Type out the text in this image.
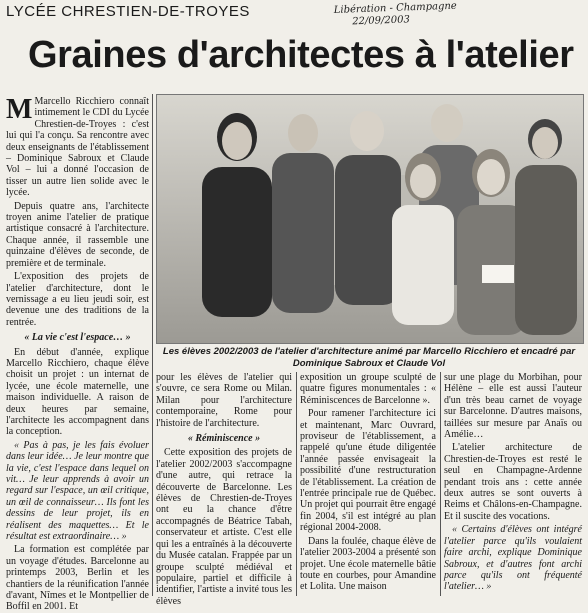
LYCÉE CHRESTIEN-DE-TROYES	Libération - Champagne
22/09/2003
Graines d'architectes à l'atelier

M Marcello Ricchiero connaît intimement le CDI du Lycée Chrestien-de-Troyes : c'est lui qui l'a conçu. Sa rencontre avec deux enseignants de l'établissement – Dominique Sabroux et Claude Vol – lui a donné l'occasion de tisser un autre lien solide avec le lycée.

Depuis quatre ans, l'architecte troyen anime l'atelier de pratique artistique consacré à l'architecture. Chaque année, il rassemble une quinzaine d'élèves de seconde, de première et de terminale.

L'exposition des projets de l'atelier d'architecture, dont le vernissage a eu lieu jeudi soir, est devenue une des traditions de la rentrée.

« La vie c'est l'espace… »

En début d'année, explique Marcello Ricchiero, chaque élève choisit un projet : un internat de lycée, une école maternelle, une maison individuelle. A raison de deux heures par semaine, l'architecte les accompagnent dans la conception.

« Pas à pas, je les fais évoluer dans leur idée… Je leur montre que la vie, c'est l'espace dans lequel on vit… Je leur apprends à avoir un regard sur l'espace, un œil critique, un œil de connaisseur… Ils font les dessins de leur projet, ils en réalisent des maquettes… Et le résultat est extraordinaire… »

La formation est complétée par un voyage d'études. Barcelonne au printemps 2003, Berlin et les chantiers de la réunification l'année d'avant, Nîmes et le Montpellier de Boffil en 2001. Et

Les élèves 2002/2003 de l'atelier d'architecture animé par Marcello Ricchiero et encadré par Dominique Sabroux et Claude Vol

pour les élèves de l'atelier qui s'ouvre, ce sera Rome ou Milan. Milan pour l'architecture contemporaine, Rome pour l'histoire de l'architecture.

« Réminiscence »

Cette exposition des projets de l'atelier 2002/2003 s'accompagne d'une autre, qui retrace la découverte de Barcelonne. Les élèves de Chrestien-de-Troyes ont eu la chance d'être accompagnés de Béatrice Tabah, conservateur et artiste. C'est elle qui les a entraînés à la découverte du Musée catalan. Frappée par un groupe sculpté médiéval et populaire, partiel et difficile à identifier, l'artiste a invité tous les élèves

exposition un groupe sculpté de quatre figures monumentales : « Réminiscences de Barcelonne ».

Pour ramener l'architecture ici et maintenant, Marc Ouvrard, proviseur de l'établissement, a rappelé qu'une étude diligentée l'année passée envisageait la possibilité d'une restructuration de l'établissement. La création de l'entrée principale rue de Québec. Un projet qui pourrait être engagé fin 2004, s'il est intégré au plan régional 2004-2008.

Dans la foulée, chaque élève de l'atelier 2003-2004 a présenté son projet. Une école maternelle bâtie toute en courbes, pour Amandine et Lolita. Une maison

sur une plage du Morbihan, pour Hélène – elle est aussi l'auteur d'un très beau carnet de voyage sur Barcelonne. D'autres maisons, taillées sur mesure par Anaïs ou Amélie…

L'atelier architecture de Chrestien-de-Troyes est resté le seul en Champagne-Ardenne pendant trois ans : cette année deux autres se sont ouverts à Reims et Châlons-en-Champagne. Et il suscite des vocations.

« Certains d'élèves ont intégré l'atelier parce qu'ils voulaient faire archi, explique Dominique Sabroux, et d'autres font archi parce qu'ils ont fréquenté l'atelier… »
